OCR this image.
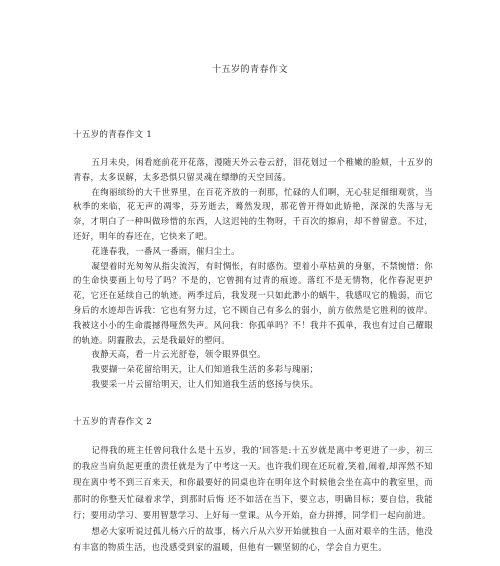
十五岁的青春作文
十五岁的青春作文 1

五月未央，闲看庭前花开花落，漫随天外云卷云舒，泪花划过一个稚嫩的脸颊，十五岁的青春，太多误解，太多恐惧只留灵魂在缥缈的天空回荡。

在绚丽缤纷的大千世界里，在百花齐放的一刹那，忙碌的人们啊，无心驻足细细观赏，当秋季的来临，花无声的凋零，芬芳逝去，蓦然发现，那花曾开得如此娇艳，深深的失落与无奈，才明白了一种叫做珍惜的东西，人这迟钝的生物呀，千百次的擦肩，却不曾留意。不过，还好，明年的春还在，它快来了吧。

花逢春我，一番风一番雨，催归尘土。

凝望着时光匆匆从指尖流泻，有时惆怅，有时感伤。望着小草枯黄的身躯，不禁惋惜：你的生命快要画上句号了吗？不是的，它曾拥有过青的痕迹。落红不是无情物，化作春泥更护花，它还在延续自己的轨迹。两季过后，我发现一只如此渺小的蜗牛，我感叹它的脆弱，而它身后的水迹却告诉我：它也有努力过，它不顾自己有多么的弱小，前方依然是它胜利的彼岸。我被这小小的生命震撼得哑然失声。风问我：你孤单吗？不！我并不孤单，我也有过自己耀眼的轨迹。阴霾散去，云是我最好的塑问。

夜静天高，看一片云光舒卷，领令眼界俱空。

我要撷一朵花留给明天，让人们知道我生活的多彩与瑰丽；

我要采一片云留给明天，让人们知道我生活的悠扬与快乐。

十五岁的青春作文 2

记得我的班主任曾问我什么是十五岁，我的'回答是:十五岁就是离中考更进了一步，初三的我应当肩负起更重的责任就是为了中考这一天。也许我们现在还玩着,笑着,闹着,却浑然不知现在离中考不到三百来天，和你最要好的同桌也许在明年这个时候他会坐在高中的教室里，而那时的你整天忙碌着求学，到那时后悔 还不如活在当下，要立志，明确目标；要自信，我能行；要用动学习、要用智慧学习、上好每一堂课。从今开始，奋力拼搏，同学们一起向前进。

想必大家听说过孤儿杨六斤的故事，杨六斤从六岁开始就独自一人面对艰辛的生活，他没有丰富的物质生活，也没感受到家的温暖，但他有一颗坚韧的心，学会自力更生。
